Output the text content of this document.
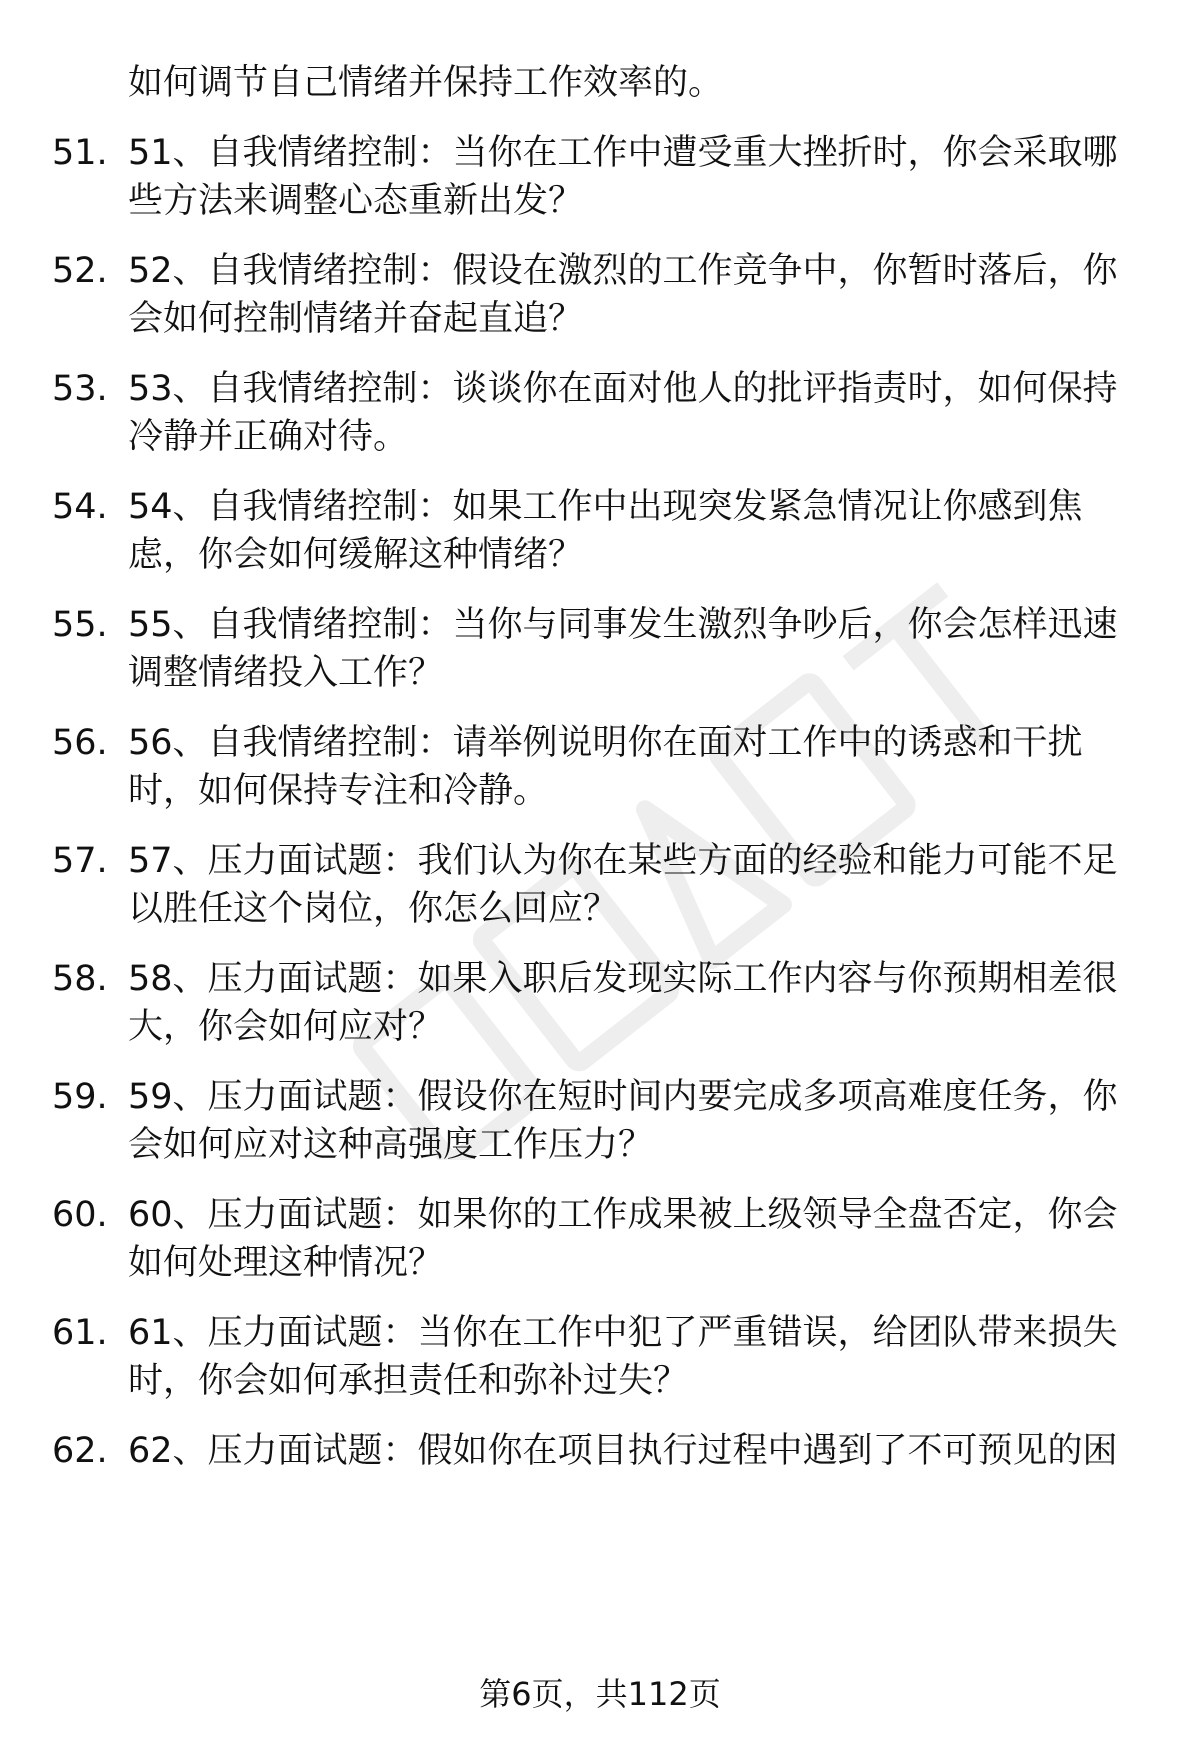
如何调节自己情绪并保持工作效率的。
51. 51、自我情绪控制：当你在工作中遭受重大挫折时，你会采取哪
些方法来调整心态重新出发？
52. 52、自我情绪控制：假设在激烈的工作竞争中，你暂时落后，你
会如何控制情绪并奋起直追？
53. 53、自我情绪控制：谈谈你在面对他人的批评指责时，如何保持
冷静并正确对待。
54. 54、自我情绪控制：如果工作中出现突发紧急情况让你感到焦
虑，你会如何缓解这种情绪？
55. 55、自我情绪控制：当你与同事发生激烈争吵后，你会怎样迅速
调整情绪投入工作？
56. 56、自我情绪控制：请举例说明你在面对工作中的诱惑和干扰
时，如何保持专注和冷静。
57. 57、压力面试题：我们认为你在某些方面的经验和能力可能不足
以胜任这个岗位，你怎么回应？
58. 58、压力面试题：如果入职后发现实际工作内容与你预期相差很
大，你会如何应对？
59. 59、压力面试题：假设你在短时间内要完成多项高难度任务，你
会如何应对这种高强度工作压力？
60. 60、压力面试题：如果你的工作成果被上级领导全盘否定，你会
如何处理这种情况？
61. 61、压力面试题：当你在工作中犯了严重错误，给团队带来损失
时，你会如何承担责任和弥补过失？
62. 62、压力面试题：假如你在项目执行过程中遇到了不可预见的困
第6页，共112页
